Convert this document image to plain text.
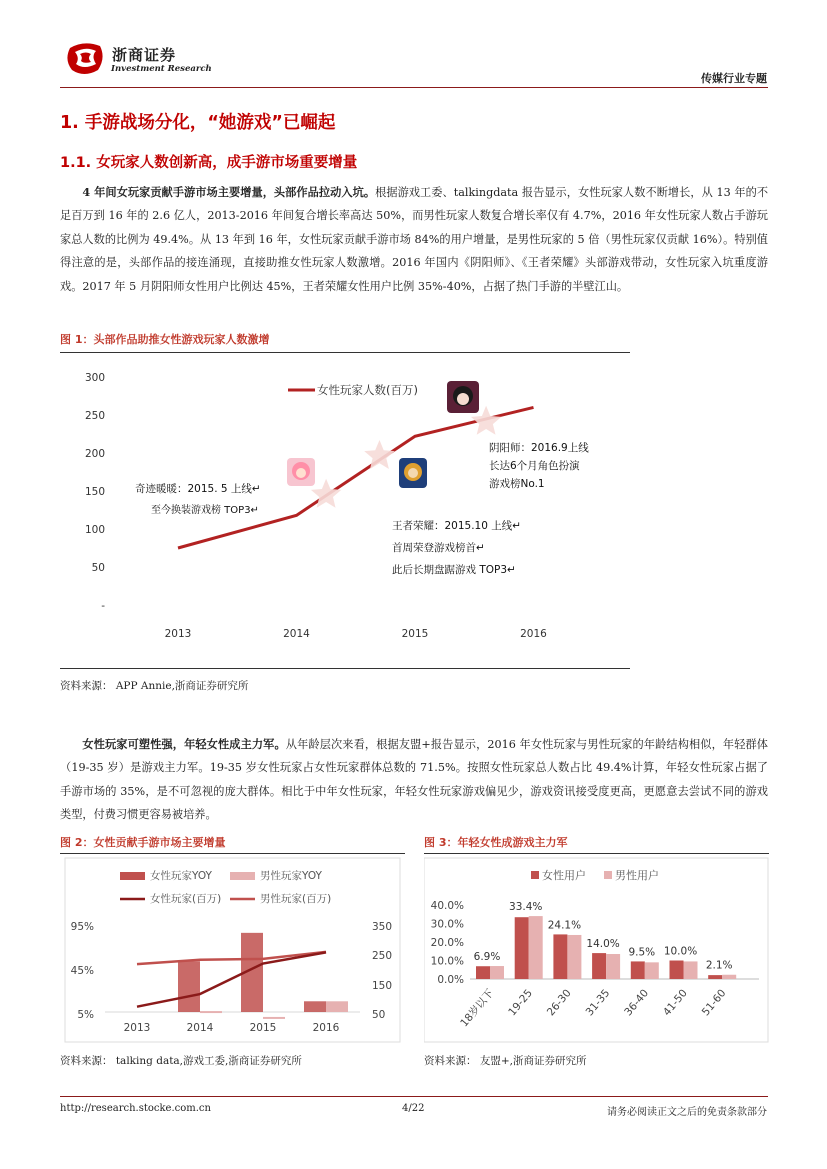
浙商证券
Investment Research
传媒行业专题
1. 手游战场分化，“她游戏”已崛起
1.1. 女玩家人数创新高，成手游市场重要增量
4 年间女玩家贡献手游市场主要增量，头部作品拉动入坑。根据游戏工委、talkingdata 报告显示，女性玩家人数不断增长，从 13 年的不足百万到 16 年的 2.6 亿人，2013-2016 年间复合增长率高达 50%，而男性玩家人数复合增长率仅有 4.7%，2016 年女性玩家人数占手游玩家总人数的比例为 49.4%。从 13 年到 16 年，女性玩家贡献手游市场 84%的用户增量，是男性玩家的 5 倍（男性玩家仅贡献 16%）。特别值得注意的是，头部作品的接连涌现，直接助推女性玩家人数激增。2016 年国内《阴阳师》、《王者荣耀》头部游戏带动，女性玩家入坑重度游戏。2017 年 5 月阴阳师女性用户比例达 45%，王者荣耀女性用户比例 35%-40%，占据了热门手游的半壁江山。
图 1：头部作品助推女性游戏玩家人数激增
300
250
200
150
100
50
-
2013	2014	2015	2016
女性玩家人数(百万)
奇迹暖暖：2015. 5 上线↵
至今换装游戏榜 TOP3↵
王者荣耀：2015.10 上线↵
首周荣登游戏榜首↵
此后长期盘踞游戏 TOP3↵
阴阳师：2016.9上线
长达6个月角色扮演
游戏榜No.1
资料来源： APP Annie,浙商证券研究所
女性玩家可塑性强，年轻女性成主力军。从年龄层次来看，根据友盟+报告显示，2016 年女性玩家与男性玩家的年龄结构相似，年轻群体（19-35 岁）是游戏主力军。19-35 岁女性玩家占女性玩家群体总数的 71.5%。按照女性玩家总人数占比 49.4%计算，年轻女性玩家占据了手游市场的 35%，是不可忽视的庞大群体。相比于中年女性玩家，年轻女性玩家游戏偏见少，游戏资讯接受度更高，更愿意去尝试不同的游戏类型，付费习惯更容易被培养。
图 2：女性贡献手游市场主要增量
女性玩家YOY	男性玩家YOY
女性玩家(百万)	男性玩家(百万)
95%
45%
5%
350
250
150
50
2013	2014	2015	2016
资料来源： talking data,游戏工委,浙商证券研究所
图 3：年轻女性成游戏主力军
女性用户	男性用户
40.0%
30.0%
20.0%
10.0%
0.0%
6.9%
18岁以下
33.4%
19-25
24.1%
26-30
14.0%
31-35
9.5%
36-40
10.0%
41-50
2.1%
51-60
资料来源： 友盟+,浙商证券研究所
http://research.stocke.com.cn	4/22	请务必阅读正文之后的免责条款部分
